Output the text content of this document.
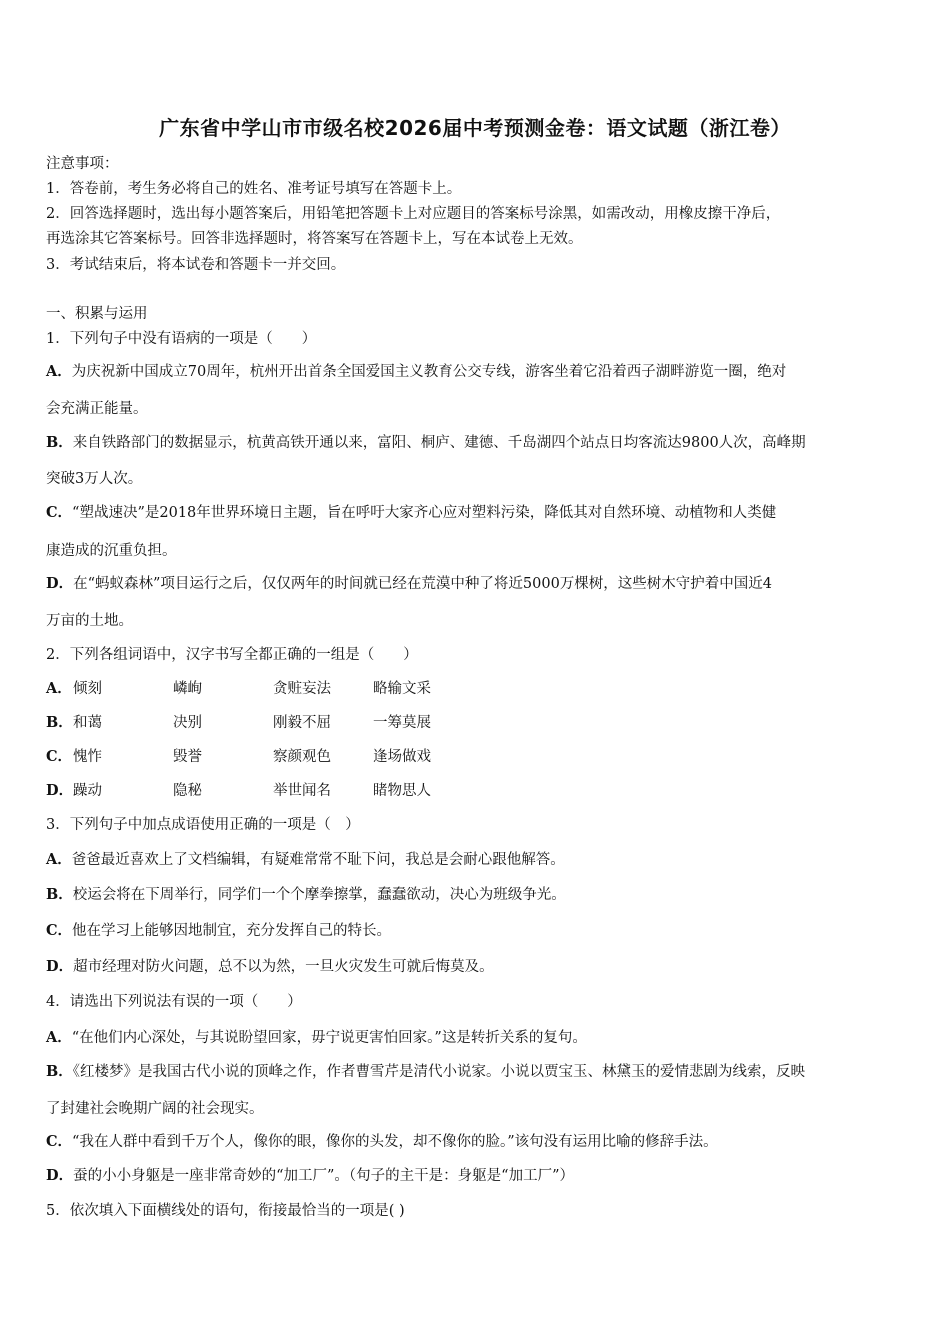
广东省中学山市市级名校2026届中考预测金卷：语文试题（浙江卷）
注意事项：
1．答卷前，考生务必将自己的姓名、准考证号填写在答题卡上。
2．回答选择题时，选出每小题答案后，用铅笔把答题卡上对应题目的答案标号涂黑，如需改动，用橡皮擦干净后，
再选涂其它答案标号。回答非选择题时，将答案写在答题卡上，写在本试卷上无效。
3．考试结束后，将本试卷和答题卡一并交回。
一、积累与运用
1．下列句子中没有语病的一项是（　　）
A．为庆祝新中国成立70周年，杭州开出首条全国爱国主义教育公交专线，游客坐着它沿着西子湖畔游览一圈，绝对
会充满正能量。
B．来自铁路部门的数据显示，杭黄高铁开通以来，富阳、桐庐、建德、千岛湖四个站点日均客流达9800人次，高峰期
突破3万人次。
C．“塑战速决”是2018年世界环境日主题，旨在呼吁大家齐心应对塑料污染，降低其对自然环境、动植物和人类健
康造成的沉重负担。
D．在“蚂蚁森林”项目运行之后，仅仅两年的时间就已经在荒漠中种了将近5000万棵树，这些树木守护着中国近4
万亩的土地。
2．下列各组词语中，汉字书写全都正确的一组是（　　）
A．倾刻	嶙峋	贪赃妄法	略输文采
B．和蔼	决别	刚毅不屈	一筹莫展
C．愧怍	毁誉	察颜观色	逢场做戏
D．躁动	隐秘	举世闻名	睹物思人
3．下列句子中加点成语使用正确的一项是（　）
A．爸爸最近喜欢上了文档编辑，有疑难常常不耻下问，我总是会耐心跟他解答。
B．校运会将在下周举行，同学们一个个摩拳擦掌，蠢蠢欲动，决心为班级争光。
C．他在学习上能够因地制宜，充分发挥自己的特长。
D．超市经理对防火问题，总不以为然，一旦火灾发生可就后悔莫及。
4．请选出下列说法有误的一项（　　）
A．“在他们内心深处，与其说盼望回家，毋宁说更害怕回家。”这是转折关系的复句。
B．《红楼梦》是我国古代小说的顶峰之作，作者曹雪芹是清代小说家。小说以贾宝玉、林黛玉的爱情悲剧为线索，反映
了封建社会晚期广阔的社会现实。
C．“我在人群中看到千万个人，像你的眼，像你的头发，却不像你的脸。”该句没有运用比喻的修辞手法。
D．蚕的小小身躯是一座非常奇妙的“加工厂”。（句子的主干是：身躯是“加工厂”）
5．依次填入下面横线处的语句，衔接最恰当的一项是( )
